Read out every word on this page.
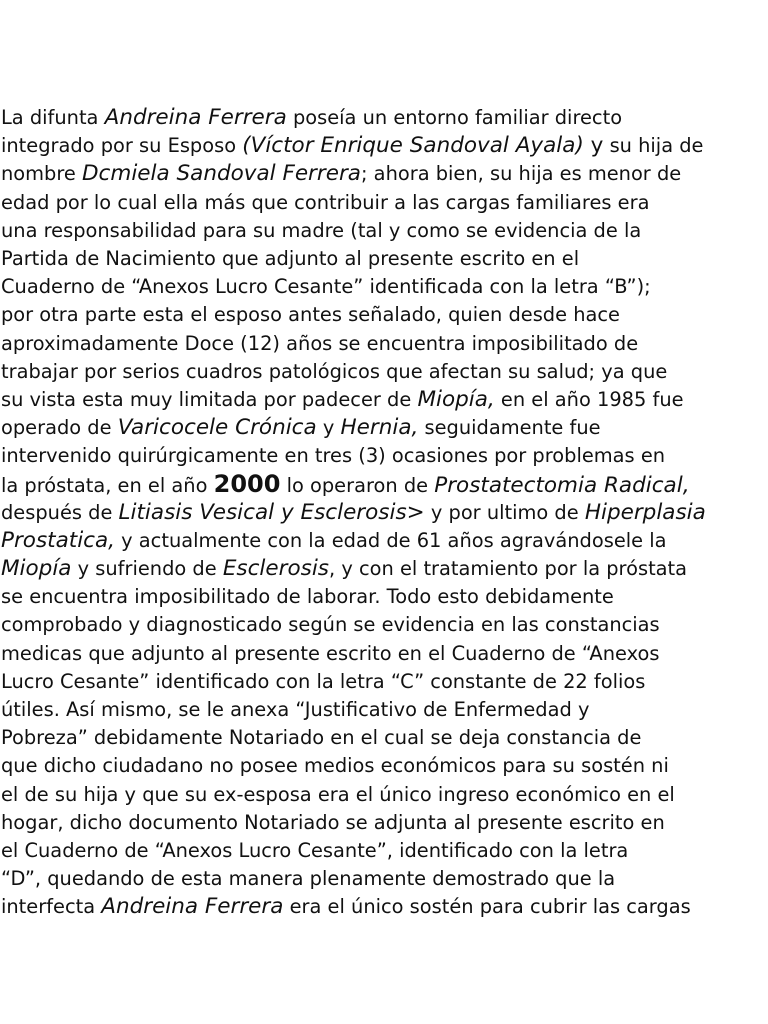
La difunta Andreina Ferrera poseía un entorno familiar directo
integrado por su Esposo (Víctor Enrique Sandoval Ayala) y su hija de
nombre Dcmiela Sandoval Ferrera; ahora bien, su hija es menor de
edad por lo cual ella más que contribuir a las cargas familiares era
una responsabilidad para su madre (tal y como se evidencia de la
Partida de Nacimiento que adjunto al presente escrito en el
Cuaderno de “Anexos Lucro Cesante” identificada con la letra “B”);
por otra parte esta el esposo antes señalado, quien desde hace
aproximadamente Doce (12) años se encuentra imposibilitado de
trabajar por serios cuadros patológicos que afectan su salud; ya que
su vista esta muy limitada por padecer de Miopía, en el año 1985 fue
operado de Varicocele Crónica y Hernia, seguidamente fue
intervenido quirúrgicamente en tres (3) ocasiones por problemas en
la próstata, en el año 2000 lo operaron de Prostatectomia Radical,
después de Litiasis Vesical y Esclerosis> y por ultimo de Hiperplasia
Prostatica, y actualmente con la edad de 61 años agravándosele la
Miopía y sufriendo de Esclerosis, y con el tratamiento por la próstata
se encuentra imposibilitado de laborar. Todo esto debidamente
comprobado y diagnosticado según se evidencia en las constancias
medicas que adjunto al presente escrito en el Cuaderno de “Anexos
Lucro Cesante” identificado con la letra “C” constante de 22 folios
útiles. Así mismo, se le anexa “Justificativo de Enfermedad y
Pobreza” debidamente Notariado en el cual se deja constancia de
que dicho ciudadano no posee medios económicos para su sostén ni
el de su hija y que su ex-esposa era el único ingreso económico en el
hogar, dicho documento Notariado se adjunta al presente escrito en
el Cuaderno de “Anexos Lucro Cesante”, identificado con la letra
“D”, quedando de esta manera plenamente demostrado que la
interfecta Andreina Ferrera era el único sostén para cubrir las cargas
